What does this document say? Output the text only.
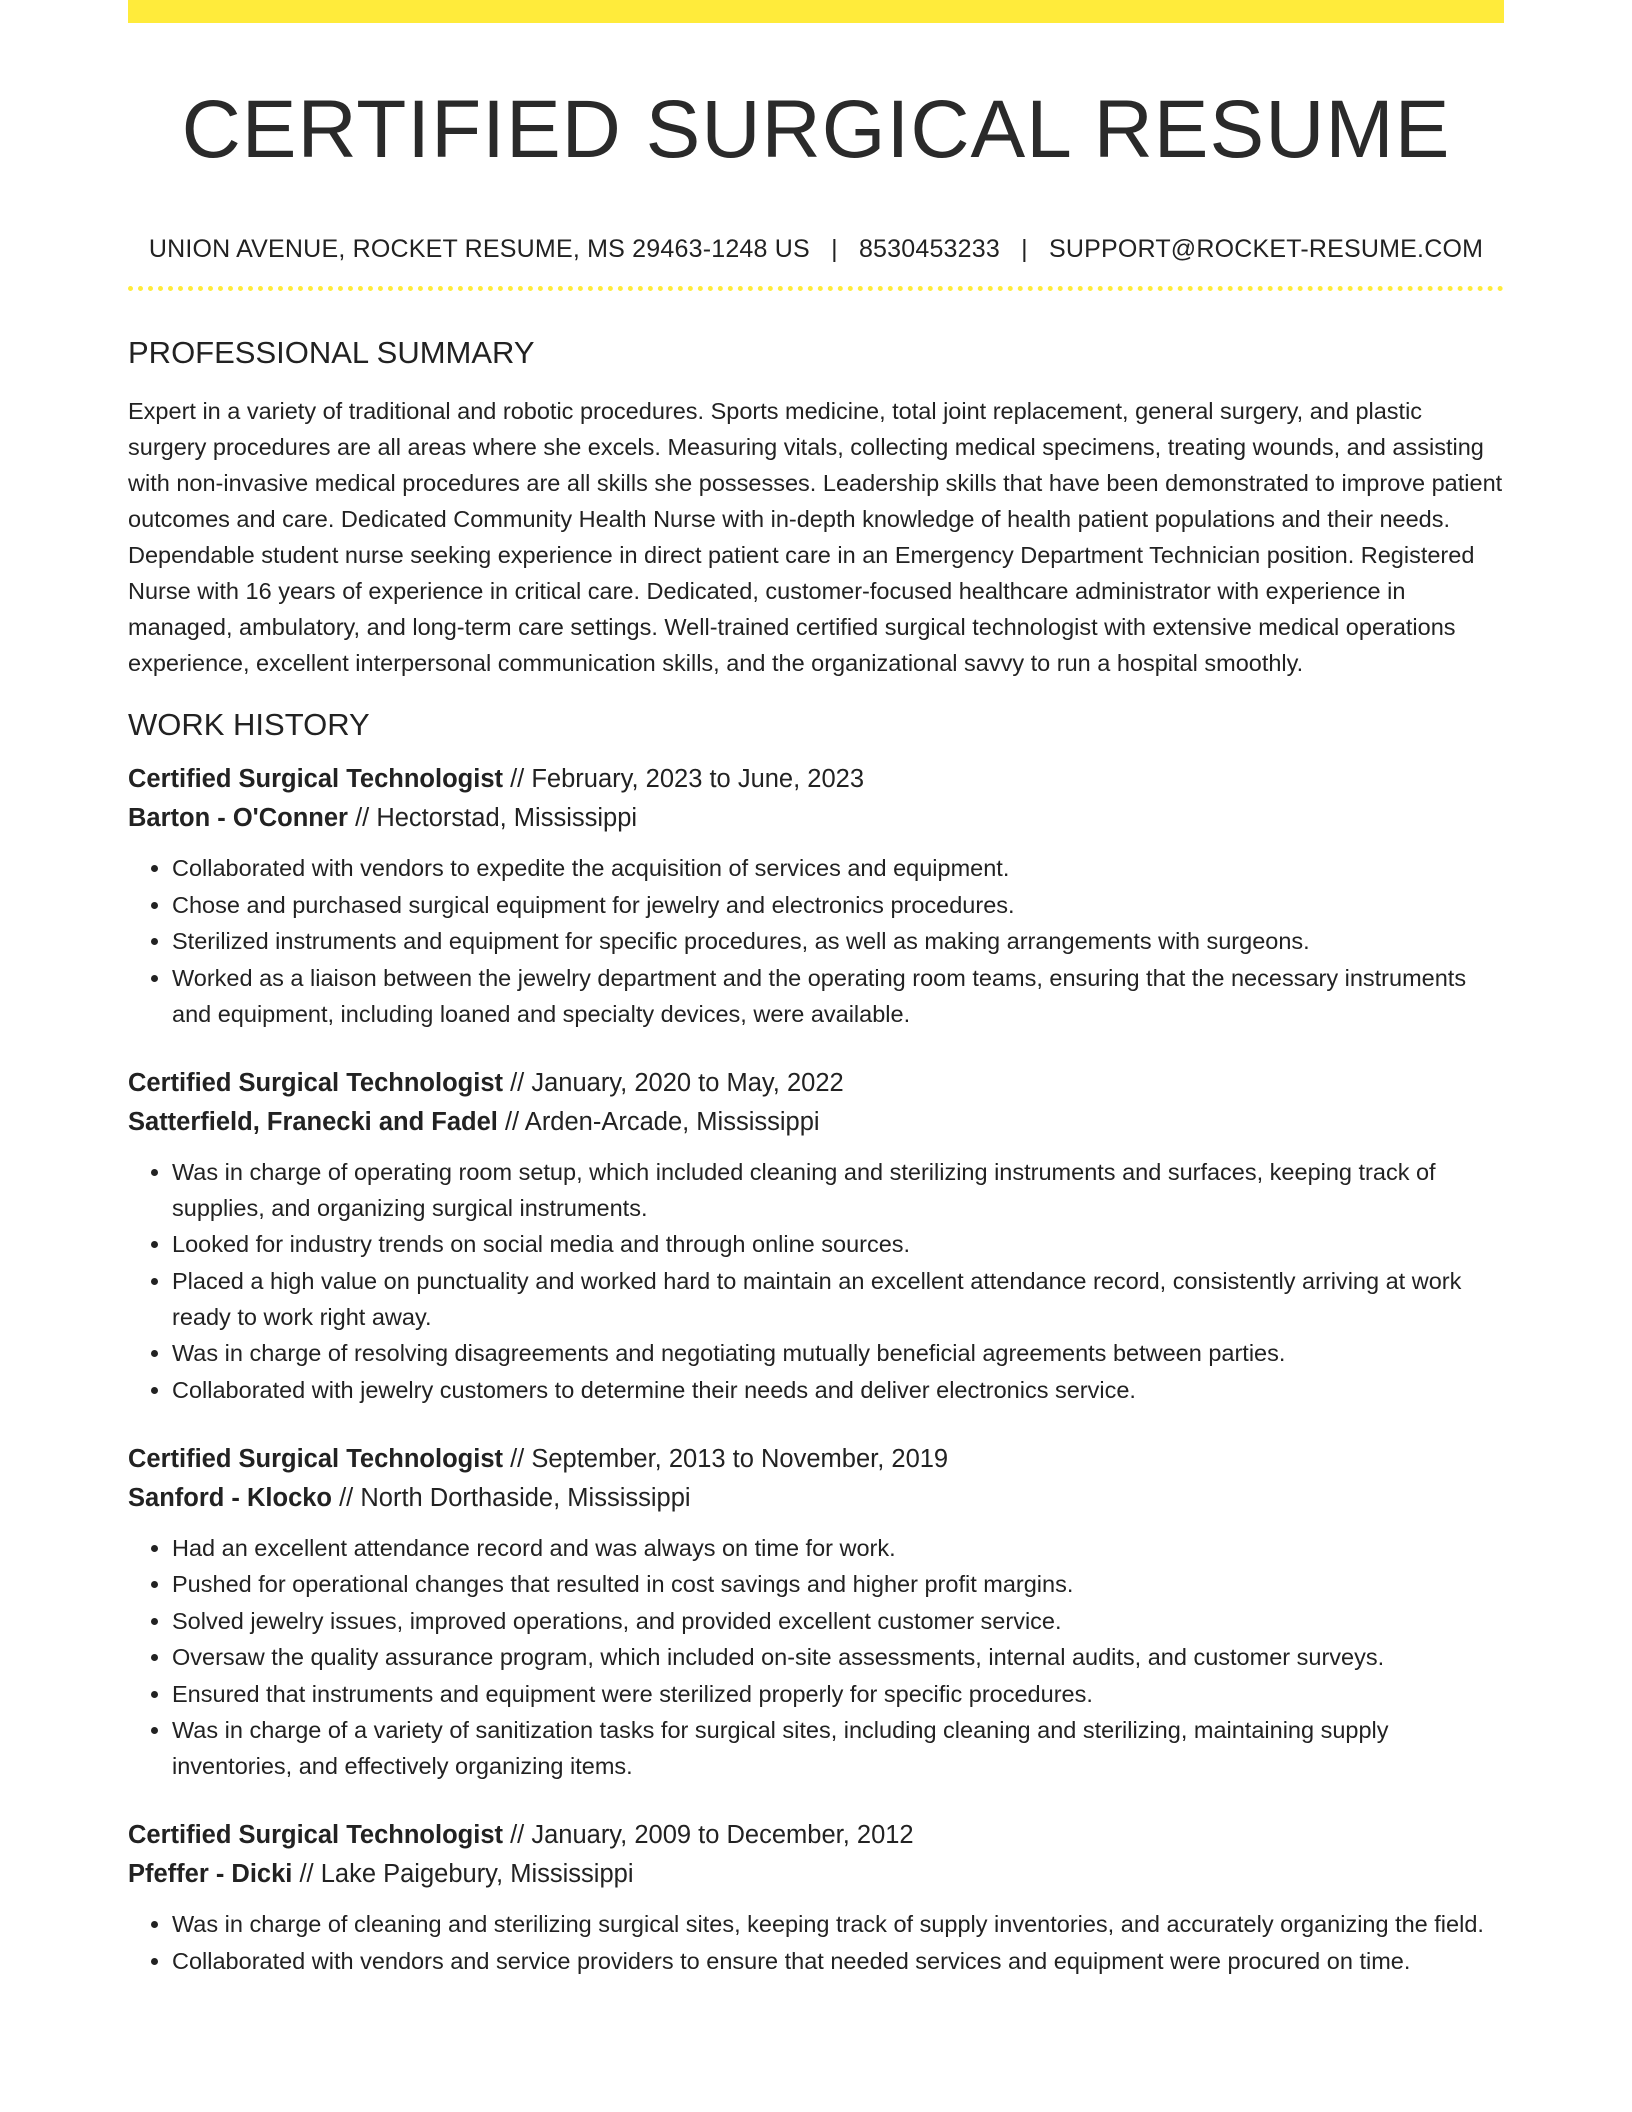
CERTIFIED SURGICAL RESUME
UNION AVENUE, ROCKET RESUME, MS 29463-1248 US | 8530453233 | SUPPORT@ROCKET-RESUME.COM
PROFESSIONAL SUMMARY

Expert in a variety of traditional and robotic procedures. Sports medicine, total joint replacement, general surgery, and plastic surgery procedures are all areas where she excels. Measuring vitals, collecting medical specimens, treating wounds, and assisting with non-invasive medical procedures are all skills she possesses. Leadership skills that have been demonstrated to improve patient outcomes and care. Dedicated Community Health Nurse with in-depth knowledge of health patient populations and their needs. Dependable student nurse seeking experience in direct patient care in an Emergency Department Technician position. Registered Nurse with 16 years of experience in critical care. Dedicated, customer-focused healthcare administrator with experience in managed, ambulatory, and long-term care settings. Well-trained certified surgical technologist with extensive medical operations experience, excellent interpersonal communication skills, and the organizational savvy to run a hospital smoothly.

WORK HISTORY
Certified Surgical Technologist // February, 2023 to June, 2023
Barton - O'Conner // Hectorstad, Mississippi
• Collaborated with vendors to expedite the acquisition of services and equipment.
• Chose and purchased surgical equipment for jewelry and electronics procedures.
• Sterilized instruments and equipment for specific procedures, as well as making arrangements with surgeons.
• Worked as a liaison between the jewelry department and the operating room teams, ensuring that the necessary instruments and equipment, including loaned and specialty devices, were available.
Certified Surgical Technologist // January, 2020 to May, 2022
Satterfield, Franecki and Fadel // Arden-Arcade, Mississippi
• Was in charge of operating room setup, which included cleaning and sterilizing instruments and surfaces, keeping track of supplies, and organizing surgical instruments.
• Looked for industry trends on social media and through online sources.
• Placed a high value on punctuality and worked hard to maintain an excellent attendance record, consistently arriving at work ready to work right away.
• Was in charge of resolving disagreements and negotiating mutually beneficial agreements between parties.
• Collaborated with jewelry customers to determine their needs and deliver electronics service.
Certified Surgical Technologist // September, 2013 to November, 2019
Sanford - Klocko // North Dorthaside, Mississippi
• Had an excellent attendance record and was always on time for work.
• Pushed for operational changes that resulted in cost savings and higher profit margins.
• Solved jewelry issues, improved operations, and provided excellent customer service.
• Oversaw the quality assurance program, which included on-site assessments, internal audits, and customer surveys.
• Ensured that instruments and equipment were sterilized properly for specific procedures.
• Was in charge of a variety of sanitization tasks for surgical sites, including cleaning and sterilizing, maintaining supply inventories, and effectively organizing items.
Certified Surgical Technologist // January, 2009 to December, 2012
Pfeffer - Dicki // Lake Paigebury, Mississippi
• Was in charge of cleaning and sterilizing surgical sites, keeping track of supply inventories, and accurately organizing the field.
• Collaborated with vendors and service providers to ensure that needed services and equipment were procured on time.
